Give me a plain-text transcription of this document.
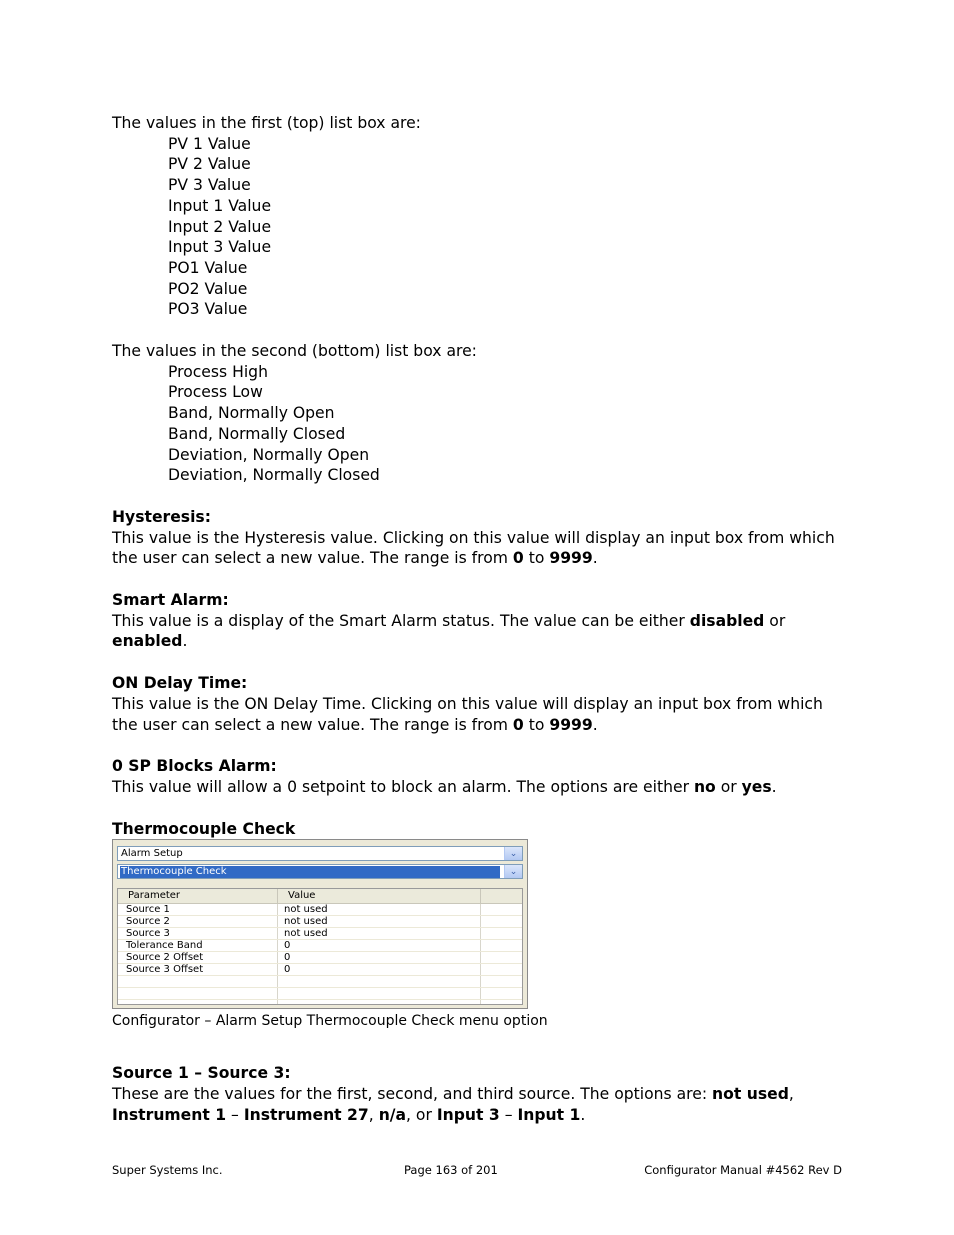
The values in the first (top) list box are:

PV 1 Value

PV 2 Value

PV 3 Value

Input 1 Value

Input 2 Value

Input 3 Value

PO1 Value

PO2 Value

PO3 Value

The values in the second (bottom) list box are:

Process High

Process Low

Band, Normally Open

Band, Normally Closed

Deviation, Normally Open

Deviation, Normally Closed

Hysteresis:

This value is the Hysteresis value. Clicking on this value will display an input box from which the user can select a new value. The range is from 0 to 9999.

Smart Alarm:

This value is a display of the Smart Alarm status. The value can be either disabled or enabled.

ON Delay Time:

This value is the ON Delay Time. Clicking on this value will display an input box from which the user can select a new value. The range is from 0 to 9999.

0 SP Blocks Alarm:

This value will allow a 0 setpoint to block an alarm. The options are either no or yes.

Thermocouple Check

Alarm Setup	⌄
Thermocouple Check	⌄
Parameter	Value
Source 1	not used
Source 2	not used
Source 3	not used
Tolerance Band	0
Source 2 Offset	0
Source 3 Offset	0

Configurator – Alarm Setup Thermocouple Check menu option

Source 1 – Source 3:

These are the values for the first, second, and third source. The options are: not used, Instrument 1 – Instrument 27, n/a, or Input 3 – Input 1.

Super Systems Inc.	Page 163 of 201	Configurator Manual #4562 Rev D
